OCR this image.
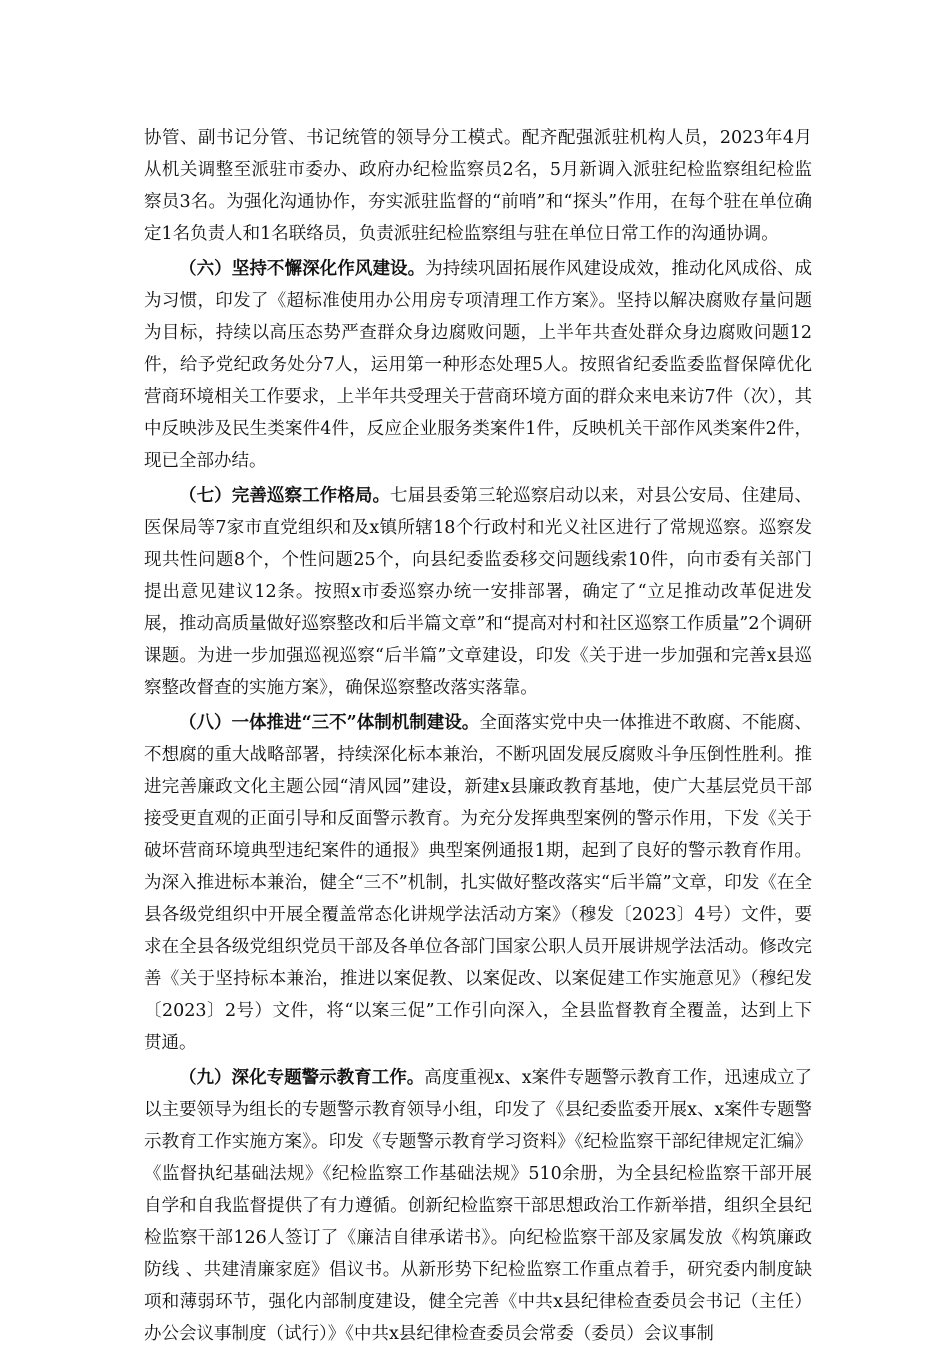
协管、副书记分管、书记统管的领导分工模式。配齐配强派驻机构人员，2023年4月从机关调整至派驻市委办、政府办纪检监察员2名，5月新调入派驻纪检监察组纪检监察员3名。为强化沟通协作，夯实派驻监督的“前哨”和“探头”作用，在每个驻在单位确定1名负责人和1名联络员，负责派驻纪检监察组与驻在单位日常工作的沟通协调。

（六）坚持不懈深化作风建设。为持续巩固拓展作风建设成效，推动化风成俗、成为习惯，印发了《超标准使用办公用房专项清理工作方案》。坚持以解决腐败存量问题为目标，持续以高压态势严查群众身边腐败问题，上半年共查处群众身边腐败问题12件，给予党纪政务处分7人，运用第一种形态处理5人。按照省纪委监委监督保障优化营商环境相关工作要求，上半年共受理关于营商环境方面的群众来电来访7件（次），其中反映涉及民生类案件4件，反应企业服务类案件1件，反映机关干部作风类案件2件，现已全部办结。

（七）完善巡察工作格局。七届县委第三轮巡察启动以来，对县公安局、住建局、医保局等7家市直党组织和及x镇所辖18个行政村和光义社区进行了常规巡察。巡察发现共性问题8个，个性问题25个，向县纪委监委移交问题线索10件，向市委有关部门提出意见建议12条。按照x市委巡察办统一安排部署，确定了“立足推动改革促进发展，推动高质量做好巡察整改和后半篇文章”和“提高对村和社区巡察工作质量”2个调研课题。为进一步加强巡视巡察“后半篇”文章建设，印发《关于进一步加强和完善x县巡察整改督查的实施方案》，确保巡察整改落实落靠。

（八）一体推进“三不”体制机制建设。全面落实党中央一体推进不敢腐、不能腐、不想腐的重大战略部署，持续深化标本兼治，不断巩固发展反腐败斗争压倒性胜利。推进完善廉政文化主题公园“清风园”建设，新建x县廉政教育基地，使广大基层党员干部接受更直观的正面引导和反面警示教育。为充分发挥典型案例的警示作用，下发《关于破坏营商环境典型违纪案件的通报》典型案例通报1期，起到了良好的警示教育作用。为深入推进标本兼治，健全“三不”机制，扎实做好整改落实“后半篇”文章，印发《在全县各级党组织中开展全覆盖常态化讲规学法活动方案》（穆发〔2023〕4号）文件，要求在全县各级党组织党员干部及各单位各部门国家公职人员开展讲规学法活动。修改完善《关于坚持标本兼治，推进以案促教、以案促改、以案促建工作实施意见》（穆纪发〔2023〕2号）文件，将“以案三促”工作引向深入，全县监督教育全覆盖，达到上下贯通。

（九）深化专题警示教育工作。高度重视x、x案件专题警示教育工作，迅速成立了以主要领导为组长的专题警示教育领导小组，印发了《县纪委监委开展x、x案件专题警示教育工作实施方案》。印发《专题警示教育学习资料》《纪检监察干部纪律规定汇编》《监督执纪基础法规》《纪检监察工作基础法规》510余册，为全县纪检监察干部开展自学和自我监督提供了有力遵循。创新纪检监察干部思想政治工作新举措，组织全县纪检监察干部126人签订了《廉洁自律承诺书》。向纪检监察干部及家属发放《构筑廉政防线 、共建清廉家庭》倡议书。从新形势下纪检监察工作重点着手，研究委内制度缺项和薄弱环节，强化内部制度建设，健全完善《中共x县纪律检查委员会书记（主任）办公会议事制度（试行）》《中共x县纪律检查委员会常委（委员）会议事制
